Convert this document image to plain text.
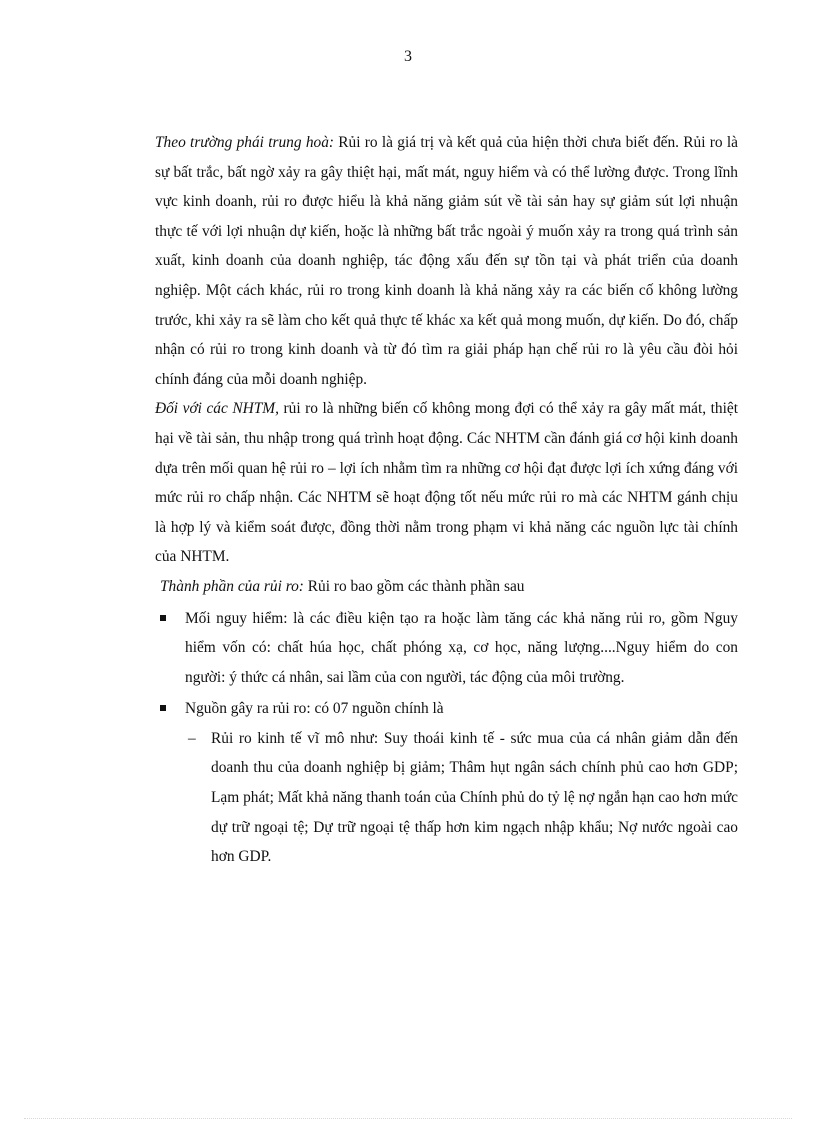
3

Theo trường phái trung hoà: Rủi ro là giá trị và kết quả của hiện thời chưa biết đến. Rủi ro là sự bất trắc, bất ngờ xảy ra gây thiệt hại, mất mát, nguy hiểm và có thể lường được. Trong lĩnh vực kinh doanh, rủi ro được hiểu là khả năng giảm sút về tài sản hay sự giảm sút lợi nhuận thực tế với lợi nhuận dự kiến, hoặc là những bất trắc ngoài ý muốn xảy ra trong quá trình sản xuất, kinh doanh của doanh nghiệp, tác động xấu đến sự tồn tại và phát triển của doanh nghiệp. Một cách khác, rủi ro trong kinh doanh là khả năng xảy ra các biến cố không lường trước, khi xảy ra sẽ làm cho kết quả thực tế khác xa kết quả mong muốn, dự kiến. Do đó, chấp nhận có rủi ro trong kinh doanh và từ đó tìm ra giải pháp hạn chế rủi ro là yêu cầu đòi hỏi chính đáng của mỗi doanh nghiệp.

Đối với các NHTM, rủi ro là những biến cố không mong đợi có thể xảy ra gây mất mát, thiệt hại về tài sản, thu nhập trong quá trình hoạt động. Các NHTM cần đánh giá cơ hội kinh doanh dựa trên mối quan hệ rủi ro – lợi ích nhằm tìm ra những cơ hội đạt được lợi ích xứng đáng với mức rủi ro chấp nhận. Các NHTM sẽ hoạt động tốt nếu mức rủi ro mà các NHTM gánh chịu là hợp lý và kiểm soát được, đồng thời nằm trong phạm vi khả năng các nguồn lực tài chính của NHTM.

Thành phần của rủi ro: Rủi ro bao gồm các thành phần sau

Mối nguy hiểm: là các điều kiện tạo ra hoặc làm tăng các khả năng rủi ro, gồm Nguy hiểm vốn có: chất húa học, chất phóng xạ, cơ học, năng lượng....Nguy hiểm do con người: ý thức cá nhân, sai lầm của con người, tác động của môi trường.
Nguồn gây ra rủi ro: có 07 nguồn chính là
– Rủi ro kinh tế vĩ mô như: Suy thoái kinh tế - sức mua của cá nhân giảm dẫn đến doanh thu của doanh nghiệp bị giảm; Thâm hụt ngân sách chính phủ cao hơn GDP; Lạm phát; Mất khả năng thanh toán của Chính phủ do tỷ lệ nợ ngắn hạn cao hơn mức dự trữ ngoại tệ; Dự trữ ngoại tệ thấp hơn kim ngạch nhập khẩu; Nợ nước ngoài cao hơn GDP.
